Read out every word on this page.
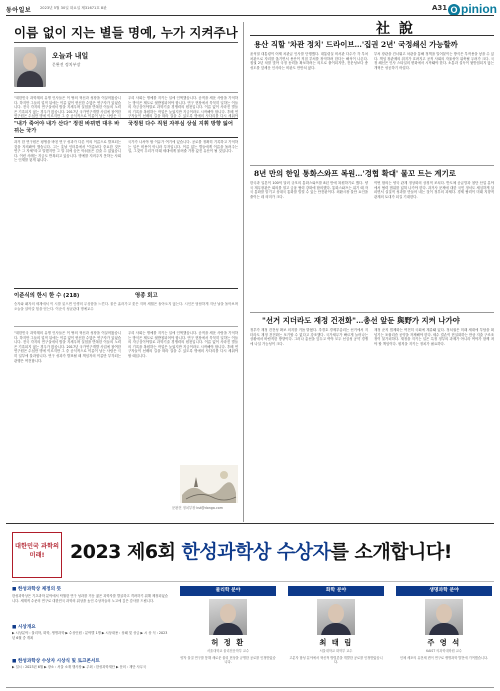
동아일보 2023년 5월 30일 화요일 제31671호 8판	A31 O pinion
이름 없이 지는 별들 명예, 누가 지켜주나
오늘과 내일
문완전 정치부장
"대한민국 과학계의 유명 인사들은 이 땅의 혁신과 성장을 이끌어왔습니다. 하지만 그들의 업적 뒤에는 이름 없이 헌신한 수많은 연구자가 있었습니다. 전국 각지의 연구실에서 밤을 지새우며 실험을 반복한 이들의 노력은 기록되지 않는 경우가 많습니다. 2017년 국가연구개발 사업에 참여한 연구원은 수십만 명에 이르지만 그 중 공식적으로 이름이 남는 사람은 극
우리 사회는 명예를 지키는 일에 인색했습니다. 공적을 세운 사람을 기억하는 방식은 제도로 뒷받침되어야 합니다. 연구 현장에서 묵묵히 일하는 이들의 자긍심이야말로 과학기술 경쟁력의 원천입니다. 이름 없이 사라진 별들의 기록을 복원하는 작업은 늦었지만 지금이라도 시작해야 합니다. 후배 연구자들이 선배의 길을 따라 걸을 수 있도록 명예의 사다리를 다시 세워야
"내가 죽어야 내가 산다" 정권 바뀌면 대우 바뀌는 국가
국정원 다수 직원 자부심 상실 지휘 방향 잃어
과거 한 연구원은 평생을 바친 연구 성과가 다른 이의 이름으로 발표되는 것을 지켜봐야 했습니다. 그는 훗날 인터뷰에서 "이름보다 중요한 것은 연구 그 자체"라고 말했지만 그 말 뒤에 숨은 아쉬움은 감출 수 없었습니다. 이런 사례는 지금도 반복되고 있습니다. 명예를 지켜주지 못하는 사회는 인재를 잃게 됩니다.
국가가 나서야 할 이유가 여기에 있습니다. 공로를 정확히 기록하고 기억하는 일은 비용이 아니라 투자입니다. 이름 없는 별들에게 이름을 돌려주는 일, 그것이 우리가 미래 세대에게 물려줄 가장 값진 유산이 될 것입니다.
이준식의 한시 한 수 (218)	영종 회고
승자와 패자의 세계에서 이 시를 읽으면 인생의 무상함을 느낀다. 물은 흘러가고 꽃은 지며 세월은 돌아오지 않는다. 시인은 담담하게 지난 날을 돌아보며 오늘을 살아갈 힘을 얻는다. 이준식 성균관대 명예교수
"대한민국 과학계의 유명 인사들은 이 땅의 혁신과 성장을 이끌어왔습니다. 하지만 그들의 업적 뒤에는 이름 없이 헌신한 수많은 연구자가 있었습니다. 전국 각지의 연구실에서 밤을 지새우며 실험을 반복한 이들의 노력은 기록되지 않는 경우가 많습니다. 2017년 국가연구개발 사업에 참여한 연구원은 수십만 명에 이르지만 그 중 공식적으로 이름이 남는 사람은 극히 일부에 불과합니다. 연구 성과가 발표될 때 책임자의 이름만 부각되는 관행은 여전합니다.
우리 사회는 명예를 지키는 일에 인색했습니다. 공적을 세운 사람을 기억하는 방식은 제도로 뒷받침되어야 합니다. 연구 현장에서 묵묵히 일하는 이들의 자긍심이야말로 과학기술 경쟁력의 원천입니다. 이름 없이 사라진 별들의 기록을 복원하는 작업은 늦었지만 지금이라도 시작해야 합니다. 후배 연구자들이 선배의 길을 따라 걸을 수 있도록 명예의 사다리를 다시 세워야 할 때입니다.
문완전 정치부장 kst@donga.com
社 說
용산 직할 '차관 정치' 드라이브…'집권 2년' 국정쇄신 가능할까
윤석열 대통령이 어제 차관급 인사를 단행했다. 대통령실 비서관 다수가 각 부처 차관으로 자리를 옮기면서 용산이 직접 부처를 장악하려 한다는 해석이 나온다. 집권 2년 차를 맞아 국정 동력을 확보하려는 의도로 풀이되지만, 전문성보다 충성도를 앞세운 인사라는 비판도 만만치 않다.
부처 장관을 건너뛰고 차관을 통해 정책을 밀어붙이는 방식은 부작용을 낳을 수 있다. 책임 장관제의 취지가 흐려지고 공직 사회의 자율성이 위축될 우려가 크다. 국정 쇄신은 인사 스타일의 변화에서 시작돼야 한다. 소통과 설득이 뒷받침되지 않는 개혁은 성공하기 어렵다.
8년 만의 한일 통화스와프 복원…'경협 확대' 물꼬 트는 계기로
한국과 일본이 100억 달러 규모의 통화스와프를 8년 만에 복원하기로 했다. 양국 재무장관은 회의를 열고 금융 협력 강화에 합의했다. 통화스와프는 위기 때 자국 통화를 맡기고 상대국 통화를 빌릴 수 있는 안전판이다. 외환시장 불안 요인을 줄이는 데 의미가 크다.
이번 합의는 양국 관계 정상화의 상징적 조치다. 반도체 공급망과 첨단 산업 분야에서 협력 범위를 넓혀 나가야 한다. 과거사 문제에 대한 국민 정서도 세심하게 살피면서 실질적 성과를 만들어 내는 것이 정부의 과제다. 경제 협력이 미래 지향적 관계의 토대가 되길 기대한다.
"선거 지더라도 재정 건전화"…총선 앞둔 與野가 지켜 나가야
정부가 재정 건전성 확보 의지를 거듭 밝혔다. 추경호 경제부총리는 선거에서 지더라도 재정 건전화는 포기할 수 없다고 강조했다. 국가채무가 빠르게 늘어나는 상황에서 바람직한 방향이다. 그러나 총선을 앞두고 여야 모두 선심성 공약 경쟁에 나설 가능성이 크다.
재정 준칙 법제화는 여전히 국회에 계류돼 있다. 정치권은 미래 세대에 부담을 떠넘기는 포퓰리즘 공약을 자제해야 한다. 세수 결손이 현실화하는 만큼 지출 구조조정이 불가피하다. 재정을 지키는 일은 특정 정부의 과제가 아니라 여야가 함께 져야 할 책임이다. 원칙을 지키는 정치가 필요하다.
대한민국 과학의 미래!	2023 제6회 한성과학상 수상자를 소개합니다!
■ 한성과학상 제정의 뜻
한성과학상은 기초과학 분야에서 탁월한 연구 성과를 거둔 젊은 과학자를 발굴하고 격려하기 위해 제정되었습니다. 세계적 수준의 연구로 대한민국 과학의 위상을 높인 수상자들의 노고에 깊은 감사를 드립니다.
■ 시상개요
▶ 시상분야 : 물리학, 화학, 생명과학 ▶ 수상인원 : 분야별 1명 ▶ 시상내용 : 상패 및 상금 ▶ 시 상 식 : 2023년 6월 중 개최
■ 한성과학상 수상자 시상식 및 토크콘서트
▶ 일시 : 2023년 6월 ▶ 장소 : 서울 소재 행사장 ▶ 주최 : 한성과학재단 ▶ 문의 : 재단 사무국
물리학 분야	화학 분야	생명과학 분야
허 정 환	최 태 림	주 영 석
서울대학교 물리천문학부 교수	서울대학교 화학부 교수	KAIST 의과학대학원 교수
양자 물질 연구를 통해 새로운 물리 현상을 규명한 공로를 인정받았습니다.
고분자 합성 분야에서 혁신적 방법론을 개발한 공로를 인정받았습니다.
인체 세포의 유전체 변이 연구로 생명과학 발전에 기여했습니다.
